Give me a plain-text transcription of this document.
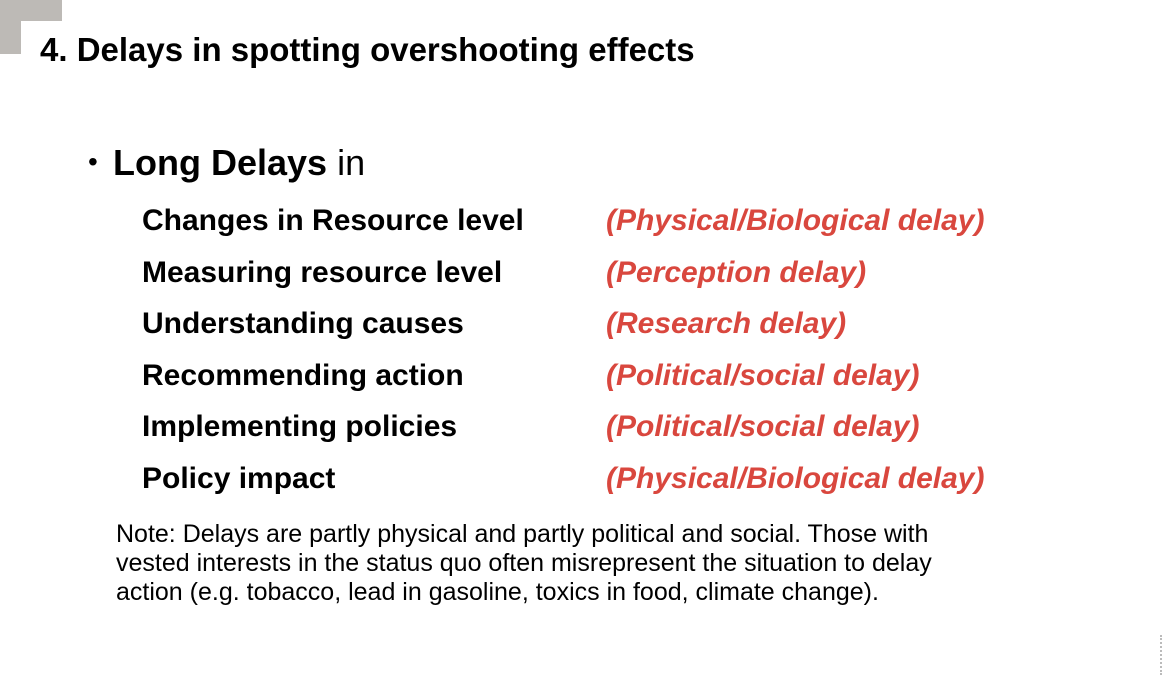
4. Delays in spotting overshooting effects
• Long Delays in
Changes in Resource level	(Physical/Biological delay)
Measuring resource level	(Perception delay)
Understanding causes	(Research delay)
Recommending action	(Political/social delay)
Implementing policies	(Political/social delay)
Policy impact	(Physical/Biological delay)

Note: Delays are partly physical and partly political and social. Those with

vested interests in the status quo often misrepresent the situation to delay

action (e.g. tobacco, lead in gasoline, toxics in food, climate change).
